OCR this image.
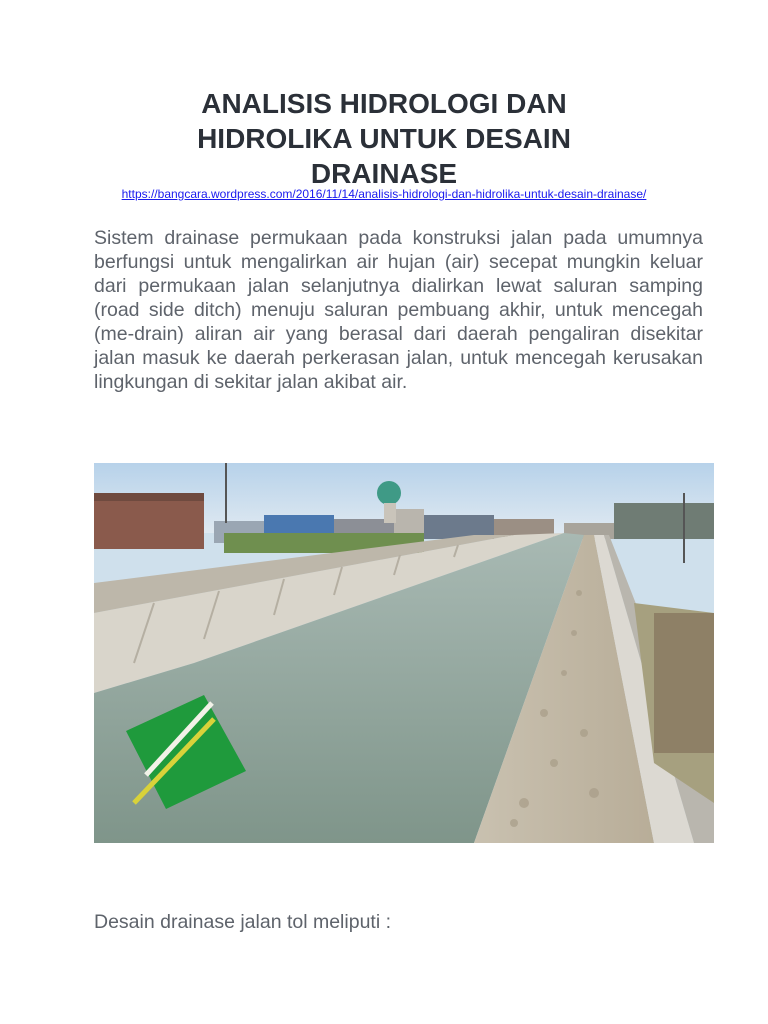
ANALISIS HIDROLOGI DAN HIDROLIKA UNTUK DESAIN DRAINASE
https://bangcara.wordpress.com/2016/11/14/analisis-hidrologi-dan-hidrolika-untuk-desain-drainase/

Sistem drainase permukaan pada konstruksi jalan pada umumnya berfungsi untuk mengalirkan air hujan (air) secepat mungkin keluar dari permukaan jalan selanjutnya dialirkan lewat saluran samping (road side ditch) menuju saluran pembuang akhir, untuk mencegah (me-drain) aliran air yang berasal dari daerah pengaliran disekitar jalan masuk ke daerah perkerasan jalan, untuk mencegah kerusakan lingkungan di sekitar jalan akibat air.

Desain drainase jalan tol meliputi :
